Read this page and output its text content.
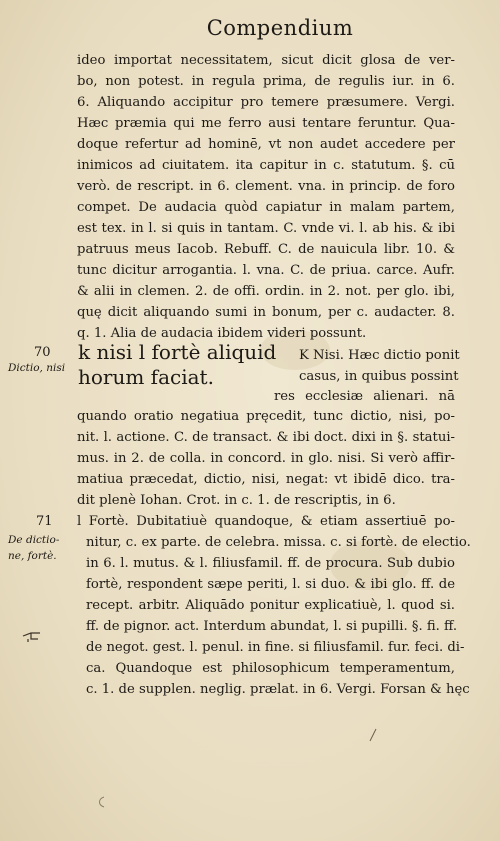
Compendium
ideo importat necessitatem, sicut dicit glosa de ver-
bo, non potest. in regula prima, de regulis iur. in 6.
6. Aliquando accipitur pro temere præsumere. Vergi.
Hæc præmia qui me ferro ausi tentare feruntur. Qua-
doque refertur ad hominē, vt non audet accedere per
inimicos ad ciuitatem. ita capitur in c. statutum. §. cū
verò. de rescript. in 6. clement. vna. in princip. de foro
compet. De audacia quòd capiatur in malam partem,
est tex. in l. si quis in tantam. C. vnde vi. l. ab his. & ibi
patruus meus Iacob. Rebuff. C. de nauicula libr. 10. &
tunc dicitur arrogantia. l. vna. C. de priua. carce. Aufr.
& alii in clemen. 2. de offi. ordin. in 2. not. per glo. ibi,
quę dicit aliquando sumi in bonum, per c. audacter. 8.
q. 1. Alia de audacia ibidem videri possunt.
70
Dictio, nisi
k nisi l fortè aliquid
horum faciat.
K Nisi. Hæc dictio ponit
casus, in quibus possint
res ecclesiæ alienari. nā
quando oratio negatiua pręcedit, tunc dictio, nisi, po-
nit. l. actione. C. de transact. & ibi doct. dixi in §. statui-
mus. in 2. de colla. in concord. in glo. nisi. Si verò affir-
matiua præcedat, dictio, nisi, negat: vt ibidē dico. tra-
dit plenè Iohan. Crot. in c. 1. de rescriptis, in 6.
71
De dictio-
ne, fortè.
l Fortè. Dubitatiuè quandoque, & etiam assertiuē po-
nitur, c. ex parte. de celebra. missa. c. si fortè. de electio.
in 6. l. mutus. & l. filiusfamil. ff. de procura. Sub dubio
fortè, respondent sæpe periti, l. si duo. & ibi glo. ff. de
recept. arbitr. Aliquādo ponitur explicatiuè, l. quod si.
ff. de pignor. act. Interdum abundat, l. si pupilli. §. fi. ff.
de negot. gest. l. penul. in fine. si filiusfamil. fur. feci. di-
ca. Quandoque est philosophicum temperamentum,
c. 1. de supplen. neglig. prælat. in 6. Vergi. Forsan & hęc
